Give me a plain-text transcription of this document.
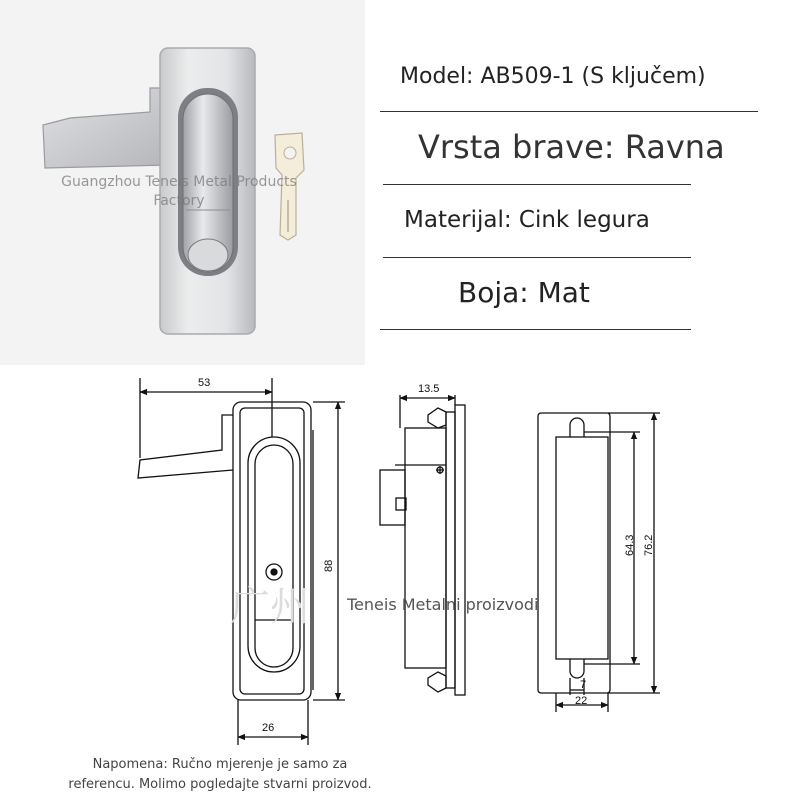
Guangzhou Teneis Metal Products Factory
Model: AB509-1 (S ključem)
Vrsta brave: Ravna
Materijal: Cink legura
Boja: Mat
广州
53
88
26
13.5
64.3 76.2
7
22
Teneis Metalni proizvodi
Napomena: Ručno mjerenje je samo za
referencu. Molimo pogledajte stvarni proizvod.
